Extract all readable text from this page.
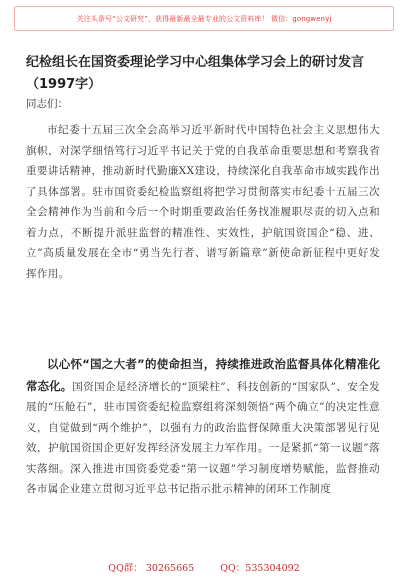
关注头条号“公文研究”，获得最新最全最专业的公文资料库！ 微信：gongwenyj
纪检组长在国资委理论学习中心组集体学习会上的研讨发言（1997字）
同志们：
市纪委十五届三次全会高举习近平新时代中国特色社会主义思想伟大旗帜，对深学细悟笃行习近平书记关于党的自我革命重要思想和考察我省重要讲话精神，推动新时代勤廉XX建设，持续深化自我革命市域实践作出了具体部署。驻市国资委纪检监察组将把学习贯彻落实市纪委十五届三次全会精神作为当前和今后一个时期重要政治任务找准履职尽责的切入点和着力点，不断提升派驻监督的精准性、实效性，护航国资国企“稳、进、立”高质量发展在全市“勇当先行者、谱写新篇章”新使命新征程中更好发挥作用。
以心怀“国之大者”的使命担当，持续推进政治监督具体化精准化常态化。国资国企是经济增长的“顶梁柱”、科技创新的“国家队”、安全发展的“压舱石”，驻市国资委纪检监察组将深刻领悟“两个确立”的决定性意义，自觉做到“两个维护”，以强有力的政治监督保障重大决策部署见行见效，护航国资国企更好发挥经济发展主力军作用。一是紧抓“第一议题”落实落细。深入推进市国资委党委“第一议题”学习制度增势赋能，监督推动各市属企业建立贯彻习近平总书记指示批示精神的闭环工作制度
QQ群： 30265665	QQ：535304092
